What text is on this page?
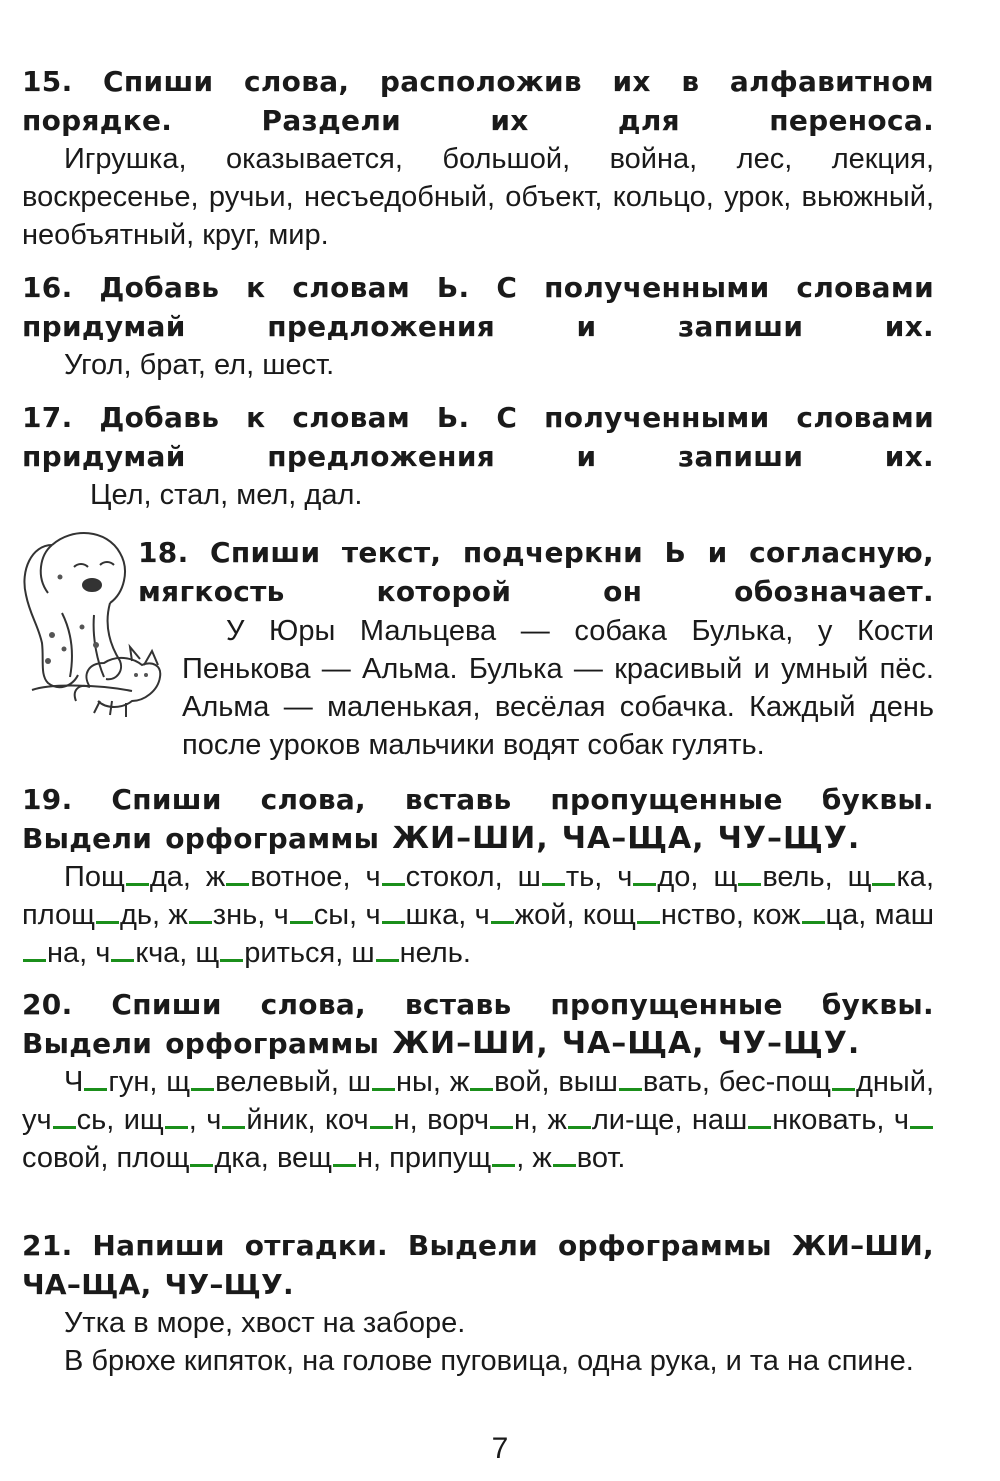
15. Спиши слова, расположив их в алфавитном порядке. Раздели их для переноса.

Игрушка, оказывается, большой, война, лес, лекция, воскресенье, ручьи, несъедобный, объект, кольцо, урок, вьюжный, необъятный, круг, мир.

16. Добавь к словам Ь. С полученными словами придумай предложения и запиши их.

Угол, брат, ел, шест.

17. Добавь к словам Ь. С полученными словами придумай предложения и запиши их.

Цел, стал, мел, дал.

18. Спиши текст, подчеркни Ь и согласную, мягкость которой он обозначает.

У Юры Мальцева — собака Булька, у Кости Пенькова — Альма. Булька — красивый и умный пёс. Альма — маленькая, весёлая собачка. Каждый день после уроков мальчики водят собак гулять.

19. Спиши слова, вставь пропущенные буквы. Выдели орфограммы ЖИ–ШИ, ЧА–ЩА, ЧУ–ЩУ.

Пощ да, ж вотное, ч стокол, ш ть, ч до, щ вель, щ ка, площ дь, ж знь, ч сы, ч шка, ч жой, кощ нство, кож ца, машна, ч кча, щ риться, ш нель.

20. Спиши слова, вставь пропущенные буквы. Выдели орфограммы ЖИ–ШИ, ЧА–ЩА, ЧУ–ЩУ.

Ч гун, щ велевый, ш ны, ж вой, выш вать, бес-пощ дный, уч сь, ищ , ч йник, коч н, ворч н, ж ли-ще, наш нковать, чсовой, площ дка, вещ н, припущ , ж вот.

21. Напиши отгадки. Выдели орфограммы ЖИ–ШИ, ЧА–ЩА, ЧУ–ЩУ.

Утка в море, хвост на заборе.

В брюхе кипяток, на голове пуговица, одна рука, и та на спине.

7
